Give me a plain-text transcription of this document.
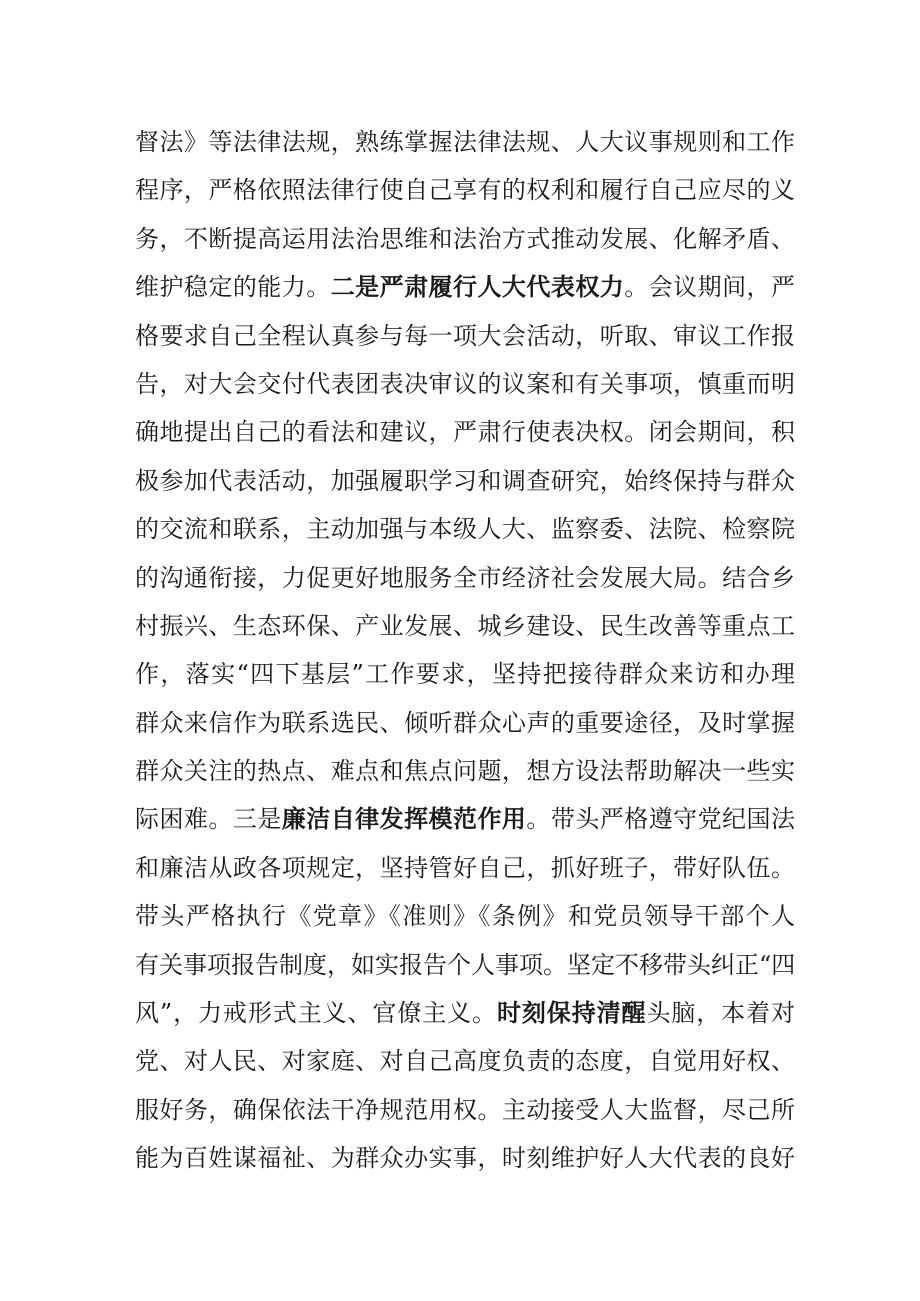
督法》等法律法规，熟练掌握法律法规、人大议事规则和工作
程序，严格依照法律行使自己享有的权利和履行自己应尽的义
务，不断提高运用法治思维和法治方式推动发展、化解矛盾、
维护稳定的能力。二是严肃履行人大代表权力。会议期间，严
格要求自己全程认真参与每一项大会活动，听取、审议工作报
告，对大会交付代表团表决审议的议案和有关事项，慎重而明
确地提出自己的看法和建议，严肃行使表决权。闭会期间，积
极参加代表活动，加强履职学习和调查研究，始终保持与群众
的交流和联系，主动加强与本级人大、监察委、法院、检察院
的沟通衔接，力促更好地服务全市经济社会发展大局。结合乡
村振兴、生态环保、产业发展、城乡建设、民生改善等重点工
作，落实“四下基层”工作要求，坚持把接待群众来访和办理
群众来信作为联系选民、倾听群众心声的重要途径，及时掌握
群众关注的热点、难点和焦点问题，想方设法帮助解决一些实
际困难。三是廉洁自律发挥模范作用。带头严格遵守党纪国法
和廉洁从政各项规定，坚持管好自己，抓好班子，带好队伍。
带头严格执行《党章》《准则》《条例》和党员领导干部个人
有关事项报告制度，如实报告个人事项。坚定不移带头纠正“四
风”，力戒形式主义、官僚主义。时刻保持清醒头脑，本着对
党、对人民、对家庭、对自己高度负责的态度，自觉用好权、
服好务，确保依法干净规范用权。主动接受人大监督，尽己所
能为百姓谋福祉、为群众办实事，时刻维护好人大代表的良好
